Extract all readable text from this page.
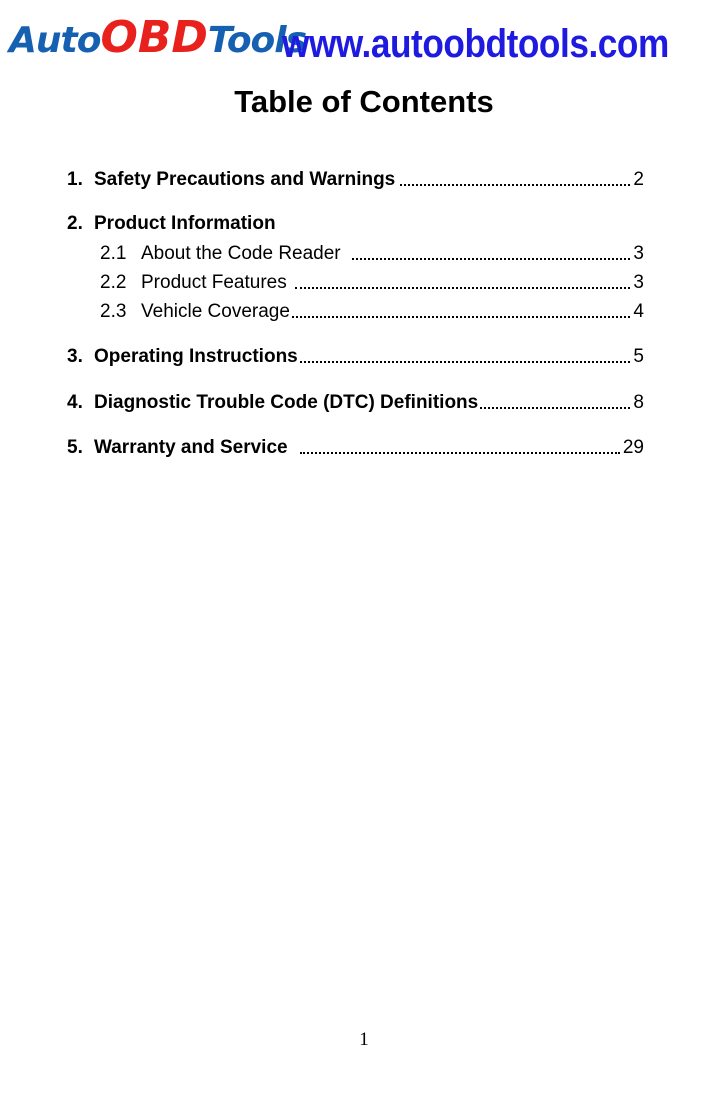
AutoOBDTools
www.autoobdtools.com
Table of Contents
1. Safety Precautions and Warnings	2
2. Product Information
2.1 About the Code Reader	3
2.2 Product Features	3
2.3 Vehicle Coverage	4
3. Operating Instructions	5
4. Diagnostic Trouble Code (DTC) Definitions	8
5. Warranty and Service	29
1
